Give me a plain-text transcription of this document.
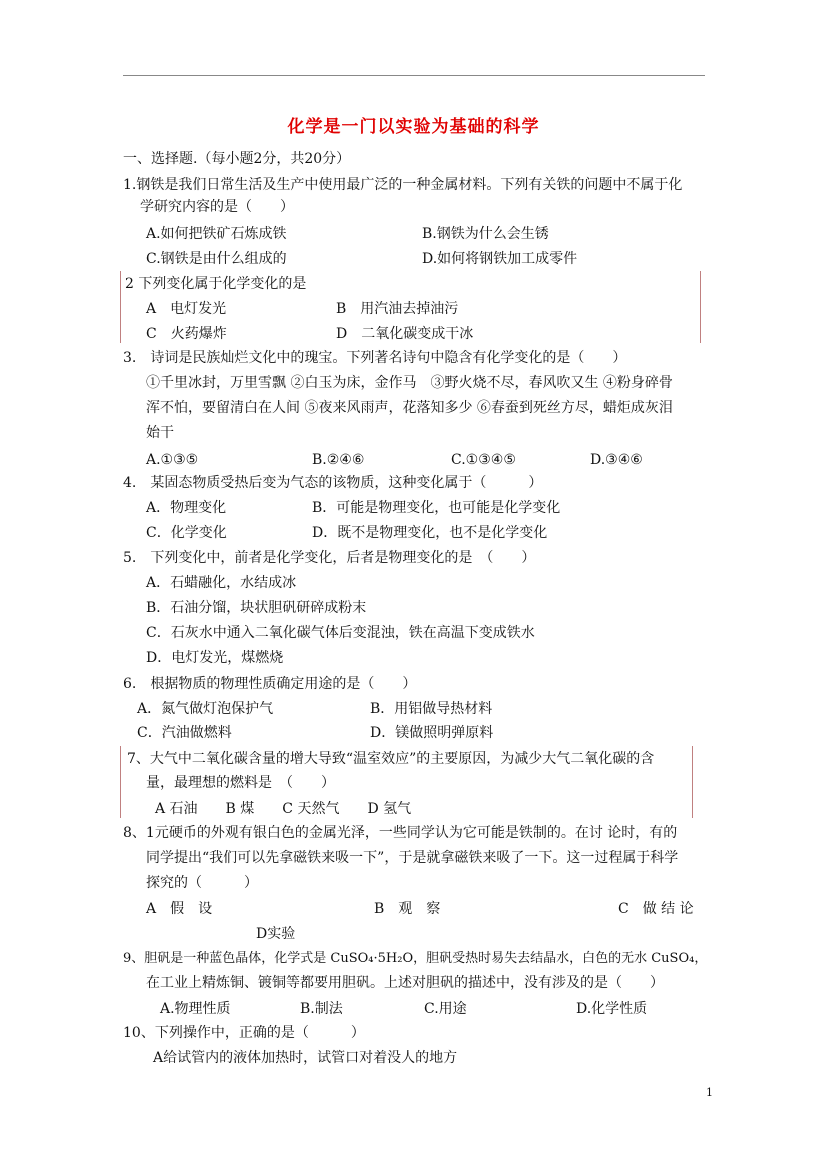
化学是一门以实验为基础的科学
一、选择题.（每小题2分，共20分）
1.钢铁是我们日常生活及生产中使用最广泛的一种金属材料。下列有关铁的问题中不属于化
学研究内容的是（　　）
A.如何把铁矿石炼成铁	B.钢铁为什么会生锈
C.钢铁是由什么组成的	D.如何将钢铁加工成零件
2 下列变化属于化学变化的是
A　电灯发光	B　用汽油去掉油污
C　火药爆炸	D　二氧化碳变成干冰
3.　诗词是民族灿烂文化中的瑰宝。下列著名诗句中隐含有化学变化的是（　　）
①千里冰封，万里雪飘 ②白玉为床，金作马　③野火烧不尽，春风吹又生 ④粉身碎骨
浑不怕，要留清白在人间 ⑤夜来风雨声，花落知多少 ⑥春蚕到死丝方尽，蜡炬成灰泪
始干
A.①③⑤	B.②④⑥	C.①③④⑤	D.③④⑥
4.　某固态物质受热后变为气态的该物质，这种变化属于（　　　）
A．物理变化	B．可能是物理变化，也可能是化学变化
C．化学变化	D．既不是物理变化，也不是化学变化
5.　下列变化中，前者是化学变化，后者是物理变化的是　（　　）
A．石蜡融化，水结成冰
B．石油分馏，块状胆矾研碎成粉末
C．石灰水中通入二氧化碳气体后变混浊，铁在高温下变成铁水
D．电灯发光，煤燃烧
6.　根据物质的物理性质确定用途的是（　　）
A．氮气做灯泡保护气	B．用铝做导热材料
C．汽油做燃料	D．镁做照明弹原料
7、大气中二氧化碳含量的增大导致“温室效应”的主要原因，为减少大气二氧化碳的含
量，最理想的燃料是　（　　）
A 石油　　B 煤　　C 天然气　　D 氢气
8、1元硬币的外观有银白色的金属光泽，一些同学认为它可能是铁制的。在讨 论时，有的
同学提出“我们可以先拿磁铁来吸一下”，于是就拿磁铁来吸了一下。这一过程属于科学
探究的（　　　）
A　假　设	B　观　察	C　做 结 论
D实验
9、胆矾是一种蓝色晶体，化学式是 CuSO₄·5H₂O，胆矾受热时易失去结晶水，白色的无水 CuSO₄，
在工业上精炼铜、镀铜等都要用胆矾。上述对胆矾的描述中，没有涉及的是（　　）
A.物理性质	B.制法	C.用途	D.化学性质
10、下列操作中，正确的是（　　　）
A给试管内的液体加热时，试管口对着没人的地方
1
